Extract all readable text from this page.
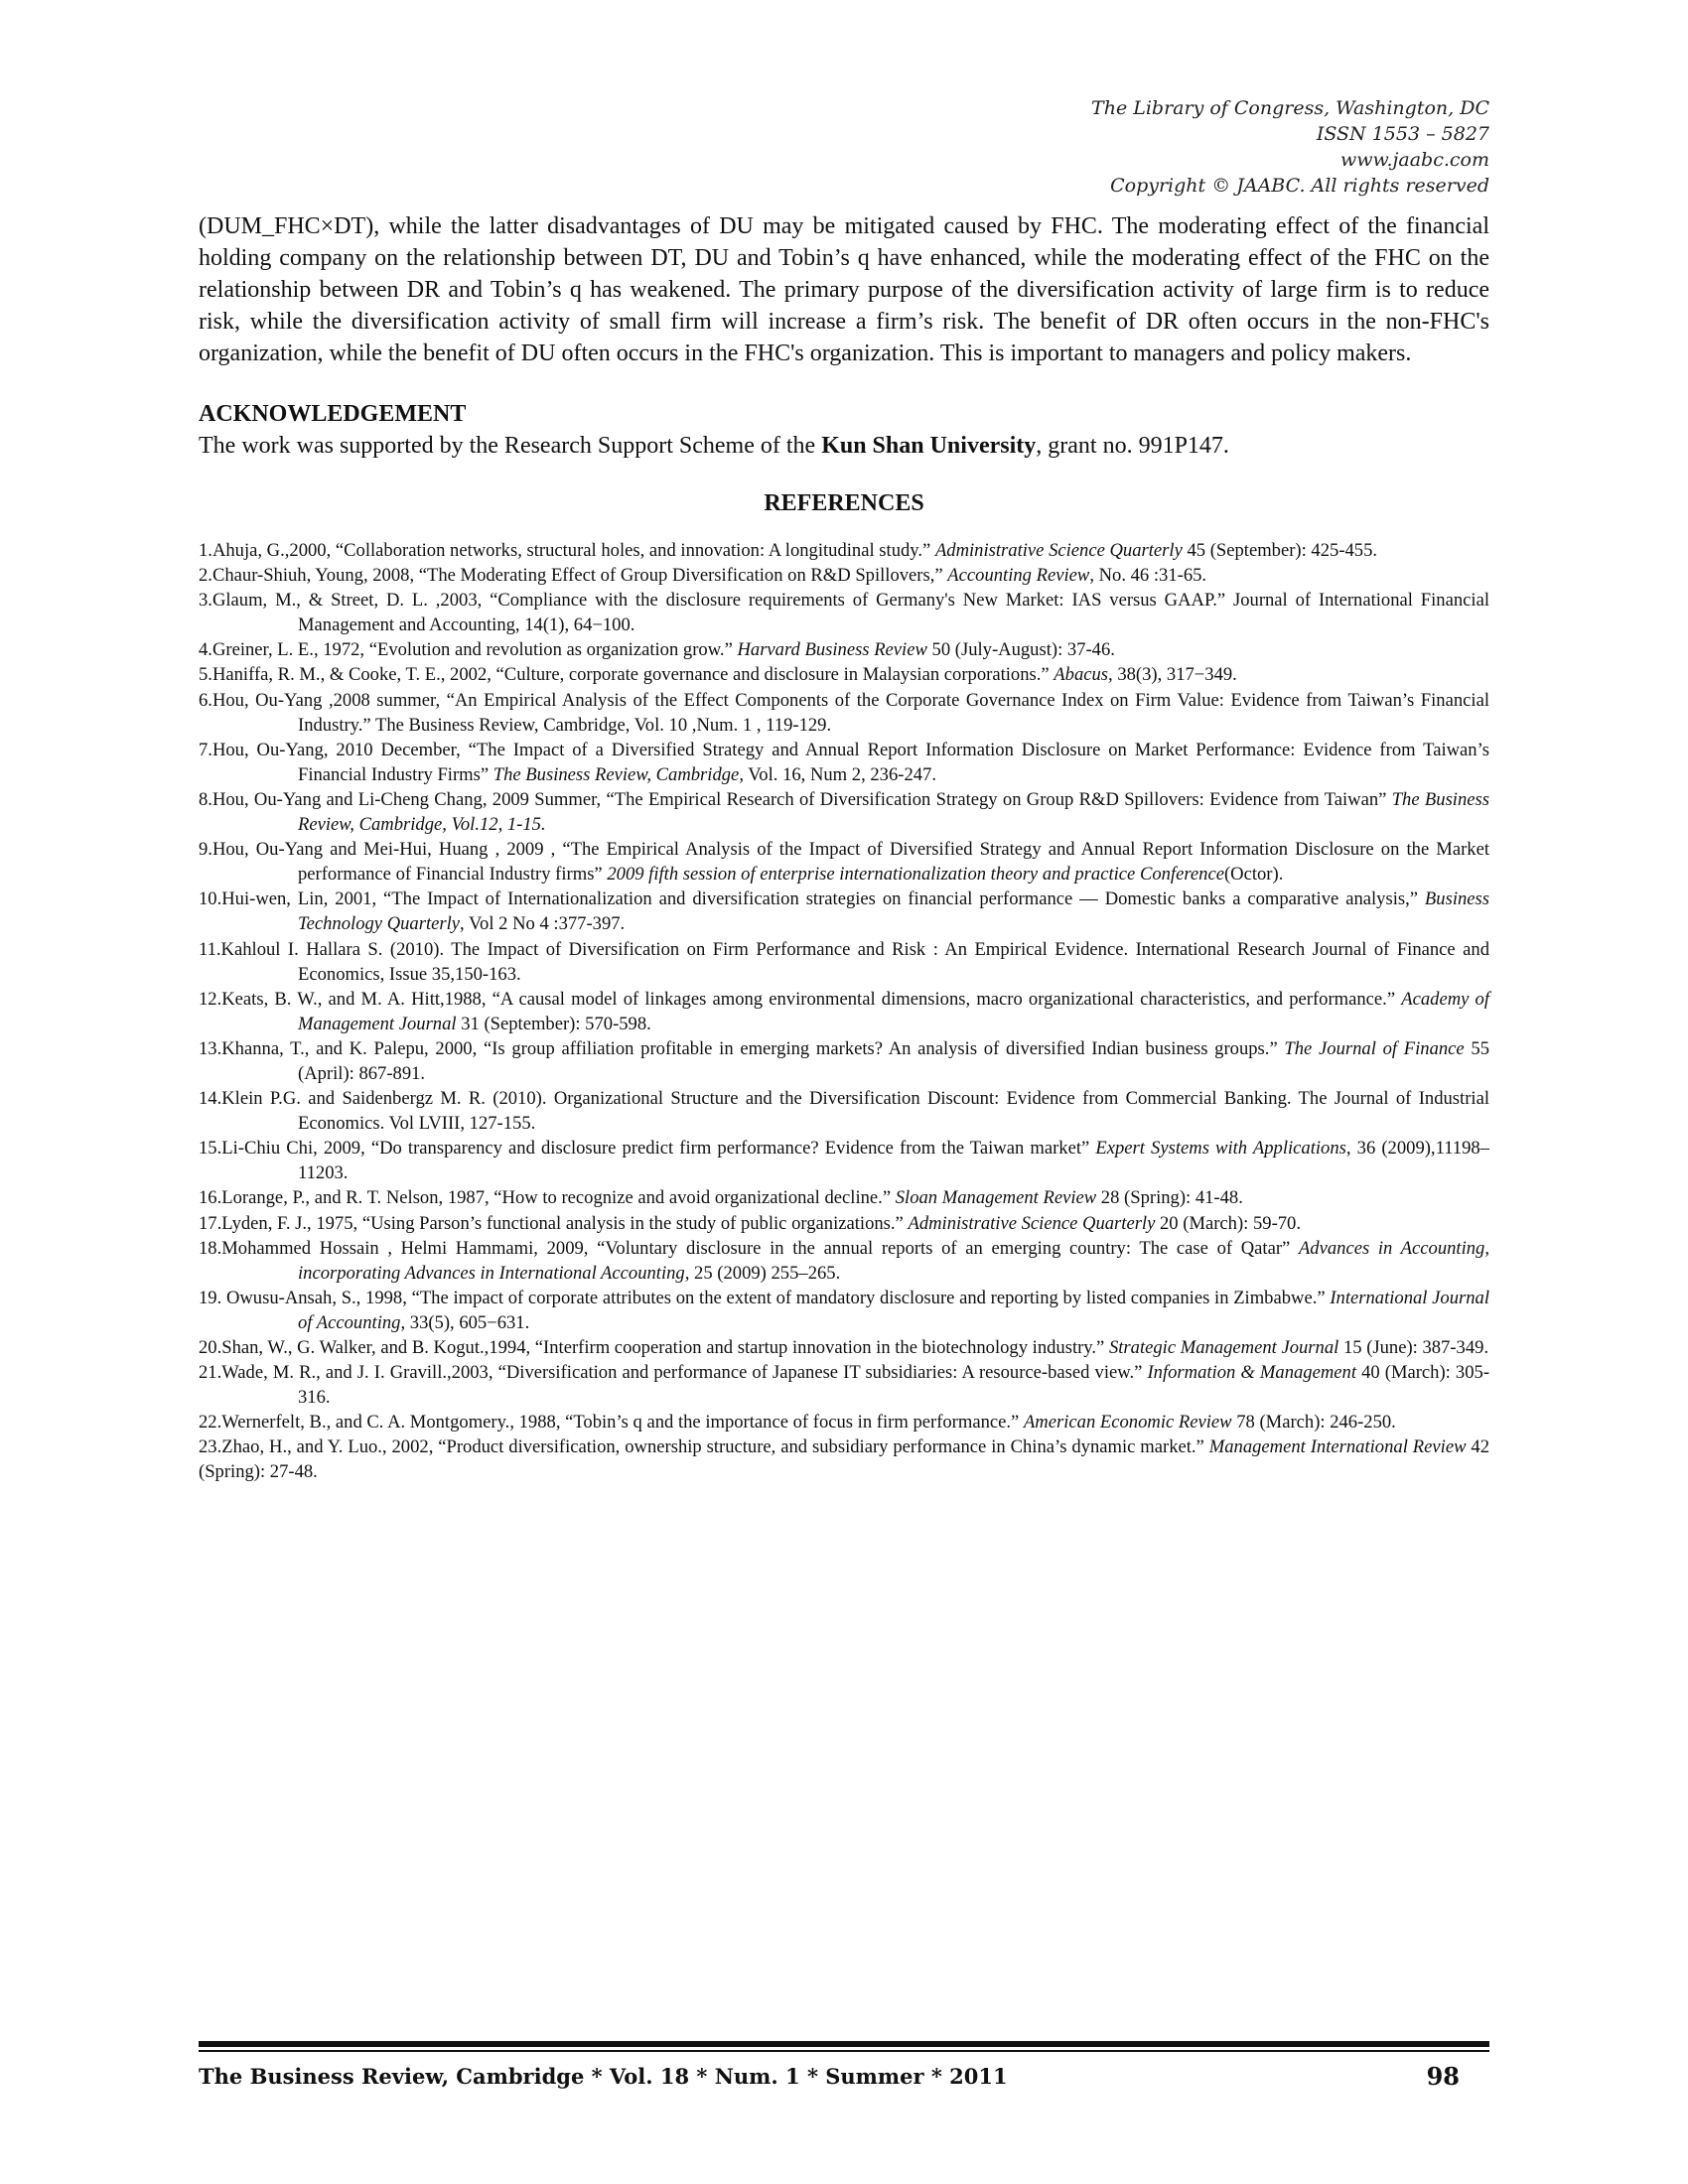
The Library of Congress, Washington, DC
ISSN 1553 – 5827
www.jaabc.com
Copyright © JAABC. All rights reserved

(DUM_FHC×DT), while the latter disadvantages of DU may be mitigated caused by FHC. The moderating effect of the financial holding company on the relationship between DT, DU and Tobin’s q have enhanced, while the moderating effect of the FHC on the relationship between DR and Tobin’s q has weakened. The primary purpose of the diversification activity of large firm is to reduce risk, while the diversification activity of small firm will increase a firm’s risk. The benefit of DR often occurs in the non-FHC's organization, while the benefit of DU often occurs in the FHC's organization. This is important to managers and policy makers.

ACKNOWLEDGEMENT

The work was supported by the Research Support Scheme of the Kun Shan University, grant no. 991P147.

REFERENCES
1.Ahuja, G.,2000, “Collaboration networks, structural holes, and innovation: A longitudinal study.” Administrative Science Quarterly 45 (September): 425-455.
2.Chaur-Shiuh, Young, 2008, “The Moderating Effect of Group Diversification on R&D Spillovers,” Accounting Review, No. 46 :31-65.
3.Glaum, M., & Street, D. L. ,2003, “Compliance with the disclosure requirements of Germany's New Market: IAS versus GAAP.” Journal of International Financial Management and Accounting, 14(1), 64−100.
4.Greiner, L. E., 1972, “Evolution and revolution as organization grow.” Harvard Business Review 50 (July-August): 37-46.
5.Haniffa, R. M., & Cooke, T. E., 2002, “Culture, corporate governance and disclosure in Malaysian corporations.” Abacus, 38(3), 317−349.
6.Hou, Ou-Yang ,2008 summer, “An Empirical Analysis of the Effect Components of the Corporate Governance Index on Firm Value: Evidence from Taiwan’s Financial Industry.” The Business Review, Cambridge, Vol. 10 ,Num. 1 , 119-129.
7.Hou, Ou-Yang, 2010 December, “The Impact of a Diversified Strategy and Annual Report Information Disclosure on Market Performance: Evidence from Taiwan’s Financial Industry Firms” The Business Review, Cambridge, Vol. 16, Num 2, 236-247.
8.Hou, Ou-Yang and Li-Cheng Chang, 2009 Summer, “The Empirical Research of Diversification Strategy on Group R&D Spillovers: Evidence from Taiwan” The Business Review, Cambridge, Vol.12, 1-15.
9.Hou, Ou-Yang and Mei-Hui, Huang , 2009 , “The Empirical Analysis of the Impact of Diversified Strategy and Annual Report Information Disclosure on the Market performance of Financial Industry firms” 2009 fifth session of enterprise internationalization theory and practice Conference(Octor).
10.Hui-wen, Lin, 2001, “The Impact of Internationalization and diversification strategies on financial performance — Domestic banks a comparative analysis,” Business Technology Quarterly, Vol 2 No 4 :377-397.
11.Kahloul I. Hallara S. (2010). The Impact of Diversification on Firm Performance and Risk : An Empirical Evidence. International Research Journal of Finance and Economics, Issue 35,150-163.
12.Keats, B. W., and M. A. Hitt,1988, “A causal model of linkages among environmental dimensions, macro organizational characteristics, and performance.” Academy of Management Journal 31 (September): 570-598.
13.Khanna, T., and K. Palepu, 2000, “Is group affiliation profitable in emerging markets? An analysis of diversified Indian business groups.” The Journal of Finance 55 (April): 867-891.
14.Klein P.G. and Saidenbergz M. R. (2010). Organizational Structure and the Diversification Discount: Evidence from Commercial Banking. The Journal of Industrial Economics. Vol LVIII, 127-155.
15.Li-Chiu Chi, 2009, “Do transparency and disclosure predict firm performance? Evidence from the Taiwan market” Expert Systems with Applications, 36 (2009),11198–11203.
16.Lorange, P., and R. T. Nelson, 1987, “How to recognize and avoid organizational decline.” Sloan Management Review 28 (Spring): 41-48.
17.Lyden, F. J., 1975, “Using Parson’s functional analysis in the study of public organizations.” Administrative Science Quarterly 20 (March): 59-70.
18.Mohammed Hossain , Helmi Hammami, 2009, “Voluntary disclosure in the annual reports of an emerging country: The case of Qatar” Advances in Accounting, incorporating Advances in International Accounting, 25 (2009) 255–265.
19. Owusu-Ansah, S., 1998, “The impact of corporate attributes on the extent of mandatory disclosure and reporting by listed companies in Zimbabwe.” International Journal of Accounting, 33(5), 605−631.
20.Shan, W., G. Walker, and B. Kogut.,1994, “Interfirm cooperation and startup innovation in the biotechnology industry.” Strategic Management Journal 15 (June): 387-349.
21.Wade, M. R., and J. I. Gravill.,2003, “Diversification and performance of Japanese IT subsidiaries: A resource-based view.” Information & Management 40 (March): 305-316.
22.Wernerfelt, B., and C. A. Montgomery., 1988, “Tobin’s q and the importance of focus in firm performance.” American Economic Review 78 (March): 246-250.
23.Zhao, H., and Y. Luo., 2002, “Product diversification, ownership structure, and subsidiary performance in China’s dynamic market.” Management International Review 42 (Spring): 27-48.
The Business Review, Cambridge * Vol. 18 * Num. 1 * Summer * 2011	98
